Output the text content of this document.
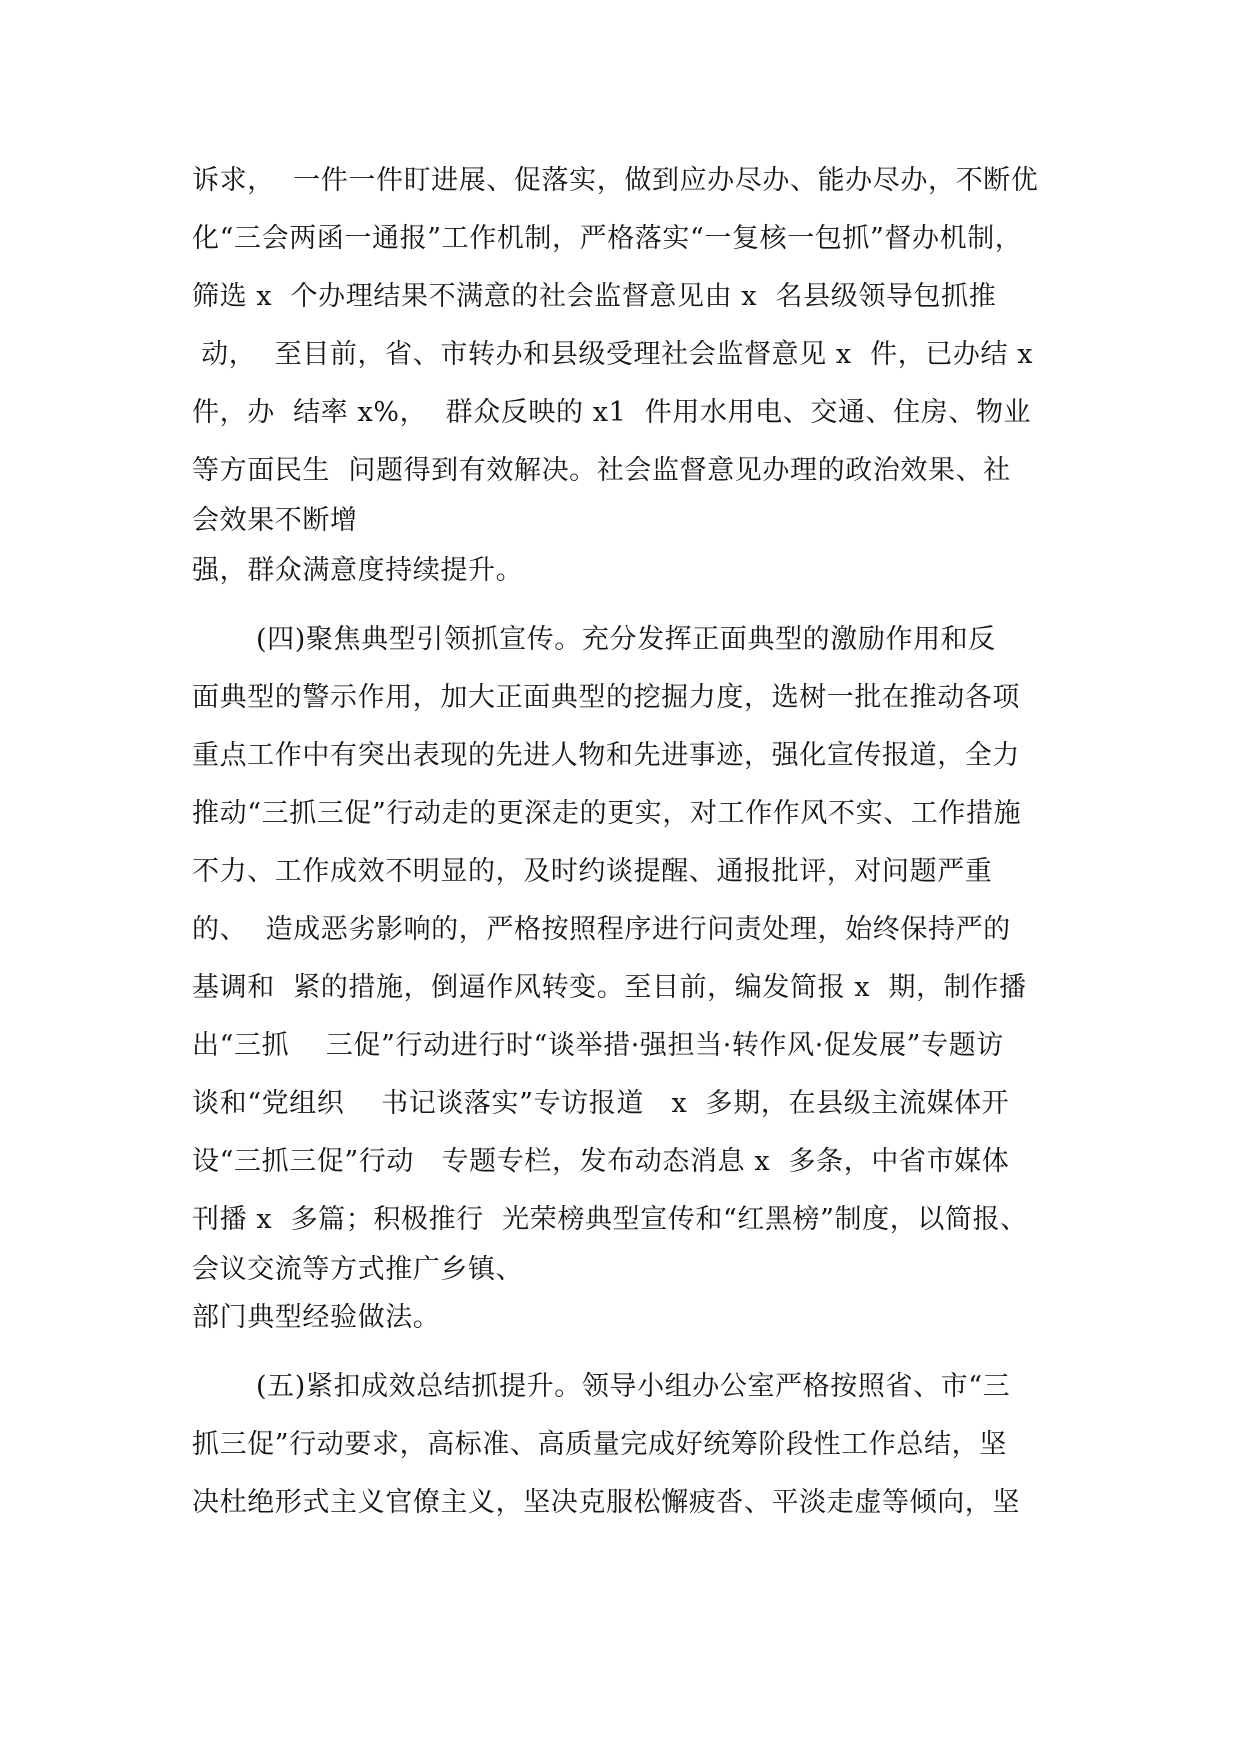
诉求，  一件一件盯进展、促落实，做到应办尽办、能办尽办，不断优
化“三会两函一通报”工作机制，严格落实“一复核一包抓”督办机制，
筛选 x  个办理结果不满意的社会监督意见由 x  名县级领导包抓推
动，  至目前，省、市转办和县级受理社会监督意见 x  件，已办结 x
件，办  结率 x%，  群众反映的 x1  件用水用电、交通、住房、物业
等方面民生  问题得到有效解决。社会监督意见办理的政治效果、社
会效果不断增
强，群众满意度持续提升。
(四)聚焦典型引领抓宣传。充分发挥正面典型的激励作用和反
面典型的警示作用，加大正面典型的挖掘力度，选树一批在推动各项
重点工作中有突出表现的先进人物和先进事迹，强化宣传报道，全力
推动“三抓三促”行动走的更深走的更实，对工作作风不实、工作措施
不力、工作成效不明显的，及时约谈提醒、通报批评，对问题严重
的、  造成恶劣影响的，严格按照程序进行问责处理，始终保持严的
基调和  紧的措施，倒逼作风转变。至目前，编发简报 x  期，制作播
出“三抓    三促”行动进行时“谈举措·强担当·转作风·促发展”专题访
谈和“党组织    书记谈落实”专访报道   x  多期，在县级主流媒体开
设“三抓三促”行动   专题专栏，发布动态消息 x  多条，中省市媒体
刊播 x  多篇；积极推行  光荣榜典型宣传和“红黑榜”制度，以简报、
会议交流等方式推广乡镇、
部门典型经验做法。
(五)紧扣成效总结抓提升。领导小组办公室严格按照省、市“三
抓三促”行动要求，高标准、高质量完成好统筹阶段性工作总结，坚
决杜绝形式主义官僚主义，坚决克服松懈疲沓、平淡走虚等倾向，坚
